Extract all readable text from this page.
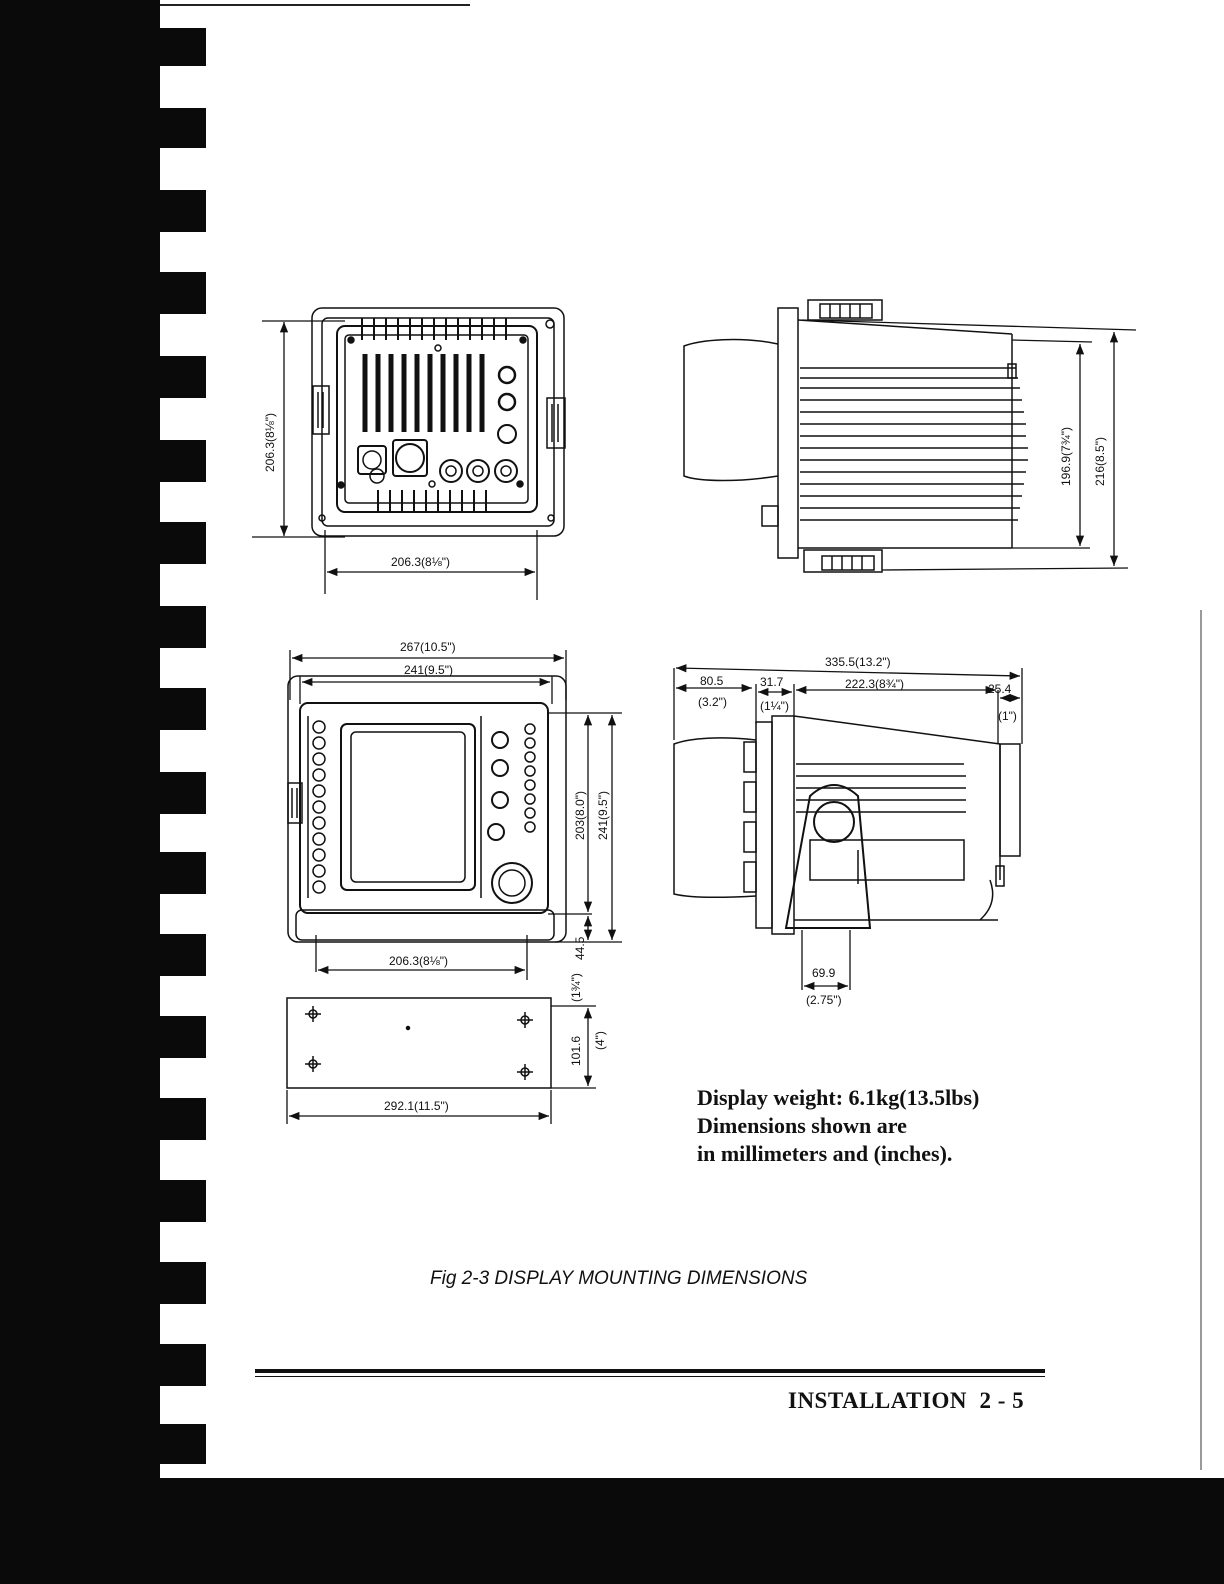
206.3(8⅛")
206.3(8⅛")
196.9(7¾") 216(8.5")
267(10.5")
241(9.5")
203(8.0") 241(9.5")
44.5
(1¾")
206.3(8⅛")
335.5(13.2")
80.5
(3.2")
31.7
(1¼")
222.3(8¾")	25.4
(1")
69.9
(2.75")
292.1(11.5")
101.6 (4")

Display weight: 6.1kg(13.5lbs)

Dimensions shown are

in millimeters and (inches).

Fig 2-3 DISPLAY MOUNTING DIMENSIONS

INSTALLATION 2 - 5
